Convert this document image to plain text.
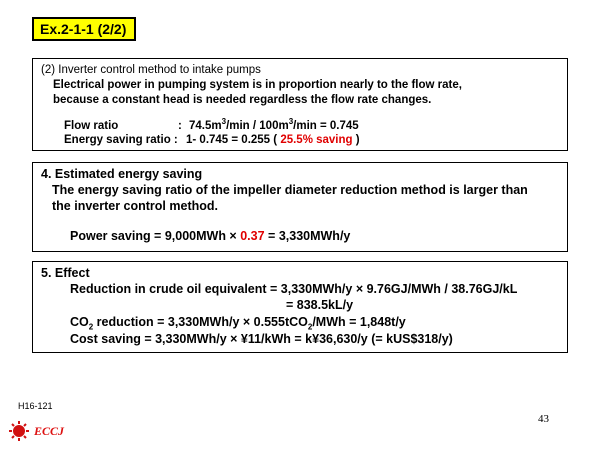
Ex.2-1-1 (2/2)
(2) Inverter control method to intake pumps
Electrical power in pumping system is in proportion nearly to the flow rate,
because a constant head is needed regardless the flow rate changes.
Flow ratio	: $74.5m^3/\min / 100m^3/\min = 0.745$
Energy saving ratio : 1- 0.745 = 0.255 ( 25.5% saving )
4. Estimated energy saving
The energy saving ratio of the impeller diameter reduction method is larger than
the inverter control method.
Power saving = 9,000MWh × 0.37 = 3,330MWh/y
5. Effect
Reduction in crude oil equivalent = 3,330MWh/y × 9.76GJ/MWh / 38.76GJ/kL
= 838.5kL/y
$CO_2$ reduction = 3,330MWh/y × 0.555tCO$_2$/MWh = 1,848t/y
Cost saving = 3,330MWh/y × ¥11/kWh = k¥36,630/y (= kUS$318/y)
H16-121
43
ECCJ
